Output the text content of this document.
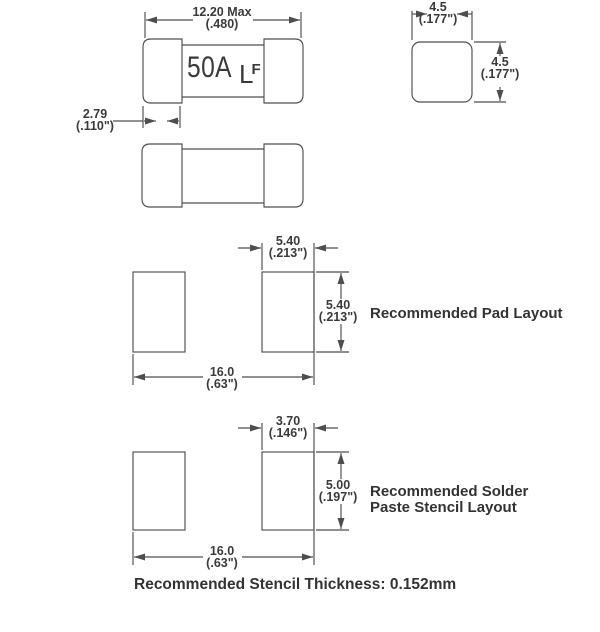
50A $L^F$
12.20 Max
(.480)
2.79
(.110")
4.5
(.177")
4.5
(.177")
5.40
(.213")
5.40
(.213")
16.0
(.63")
Recommended Pad Layout
3.70
(.146")
5.00
(.197")
16.0
(.63")
Recommended Solder
Paste Stencil Layout
Recommended Stencil Thickness: 0.152mm
